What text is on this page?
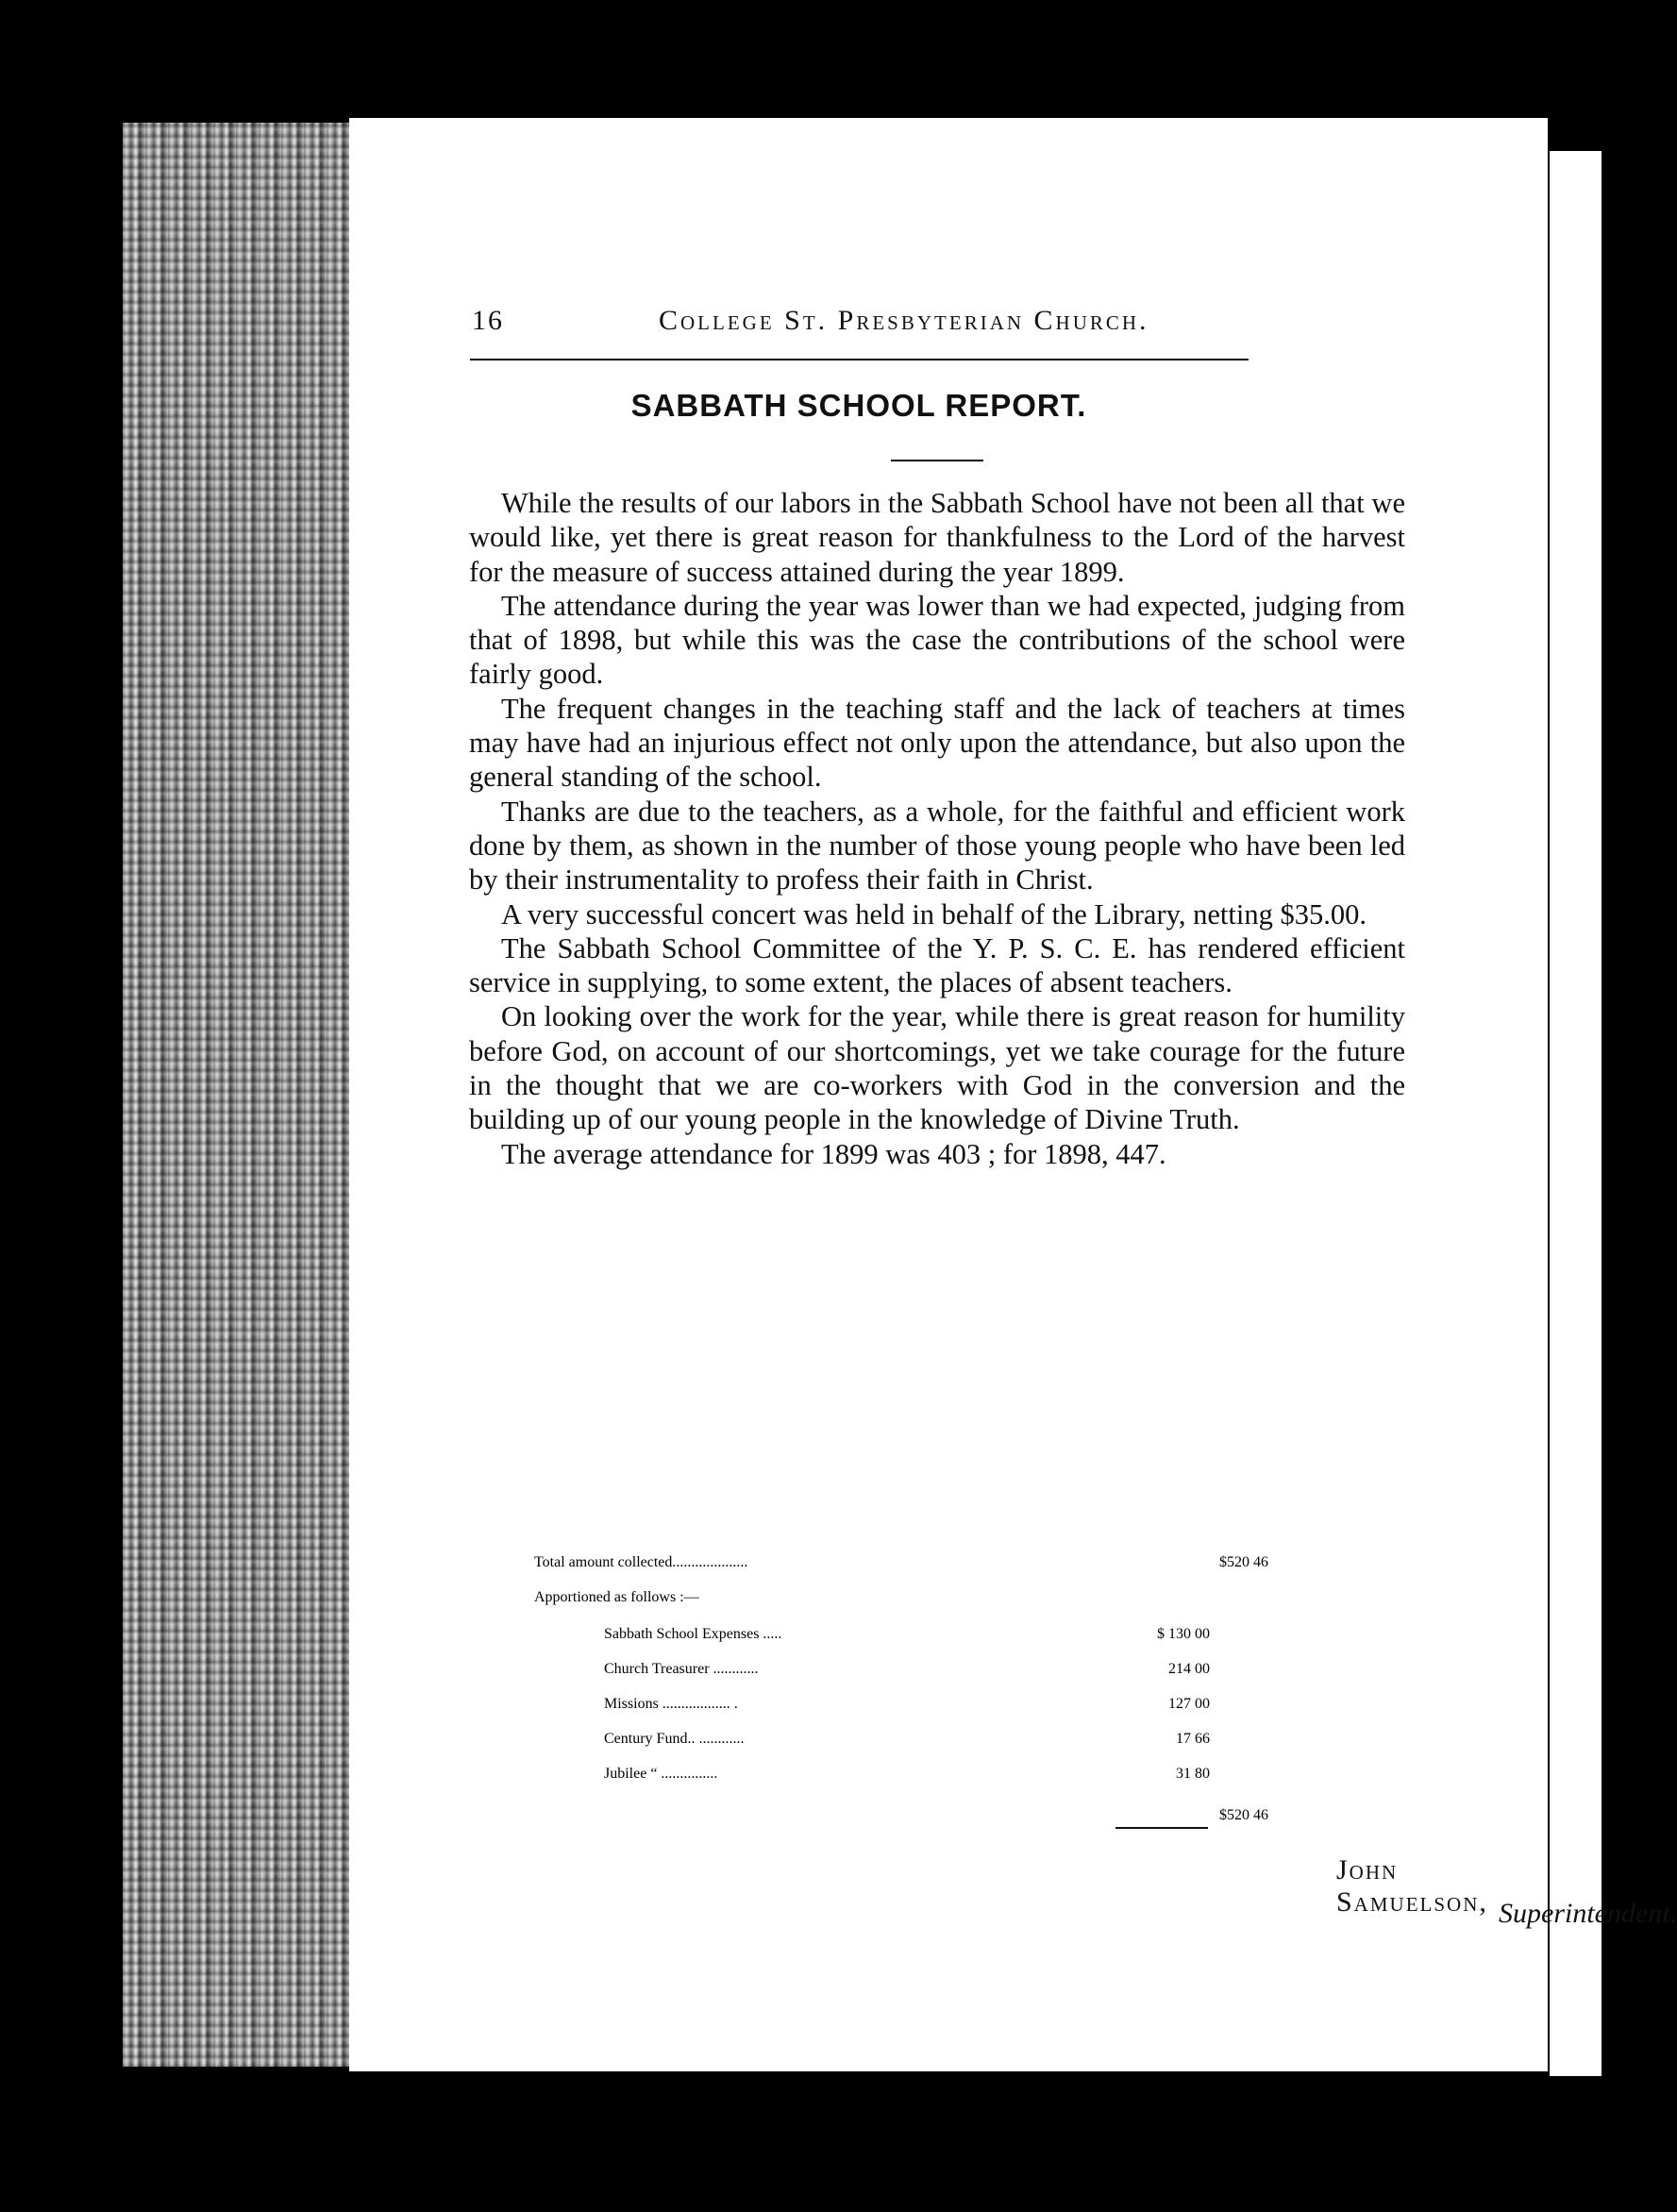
16	College St. Presbyterian Church.
SABBATH SCHOOL REPORT.

While the results of our labors in the Sabbath School have not been all that we would like, yet there is great reason for thankfulness to the Lord of the harvest for the measure of success attained during the year 1899.

The attendance during the year was lower than we had expected, judging from that of 1898, but while this was the case the contributions of the school were fairly good.

The frequent changes in the teaching staff and the lack of teachers at times may have had an injurious effect not only upon the attendance, but also upon the general standing of the school.

Thanks are due to the teachers, as a whole, for the faithful and efficient work done by them, as shown in the number of those young people who have been led by their instrumentality to profess their faith in Christ.

A very successful concert was held in behalf of the Library, netting $35.00.

The Sabbath School Committee of the Y. P. S. C. E. has rendered efficient service in supplying, to some extent, the places of absent teachers.

On looking over the work for the year, while there is great reason for humility before God, on account of our shortcomings, yet we take courage for the future in the thought that we are co-workers with God in the conversion and the building up of our young people in the knowledge of Divine Truth.

The average attendance for 1899 was 403 ; for 1898, 447.

Total amount collected....................	$520 46
Apportioned as follows :—
Sabbath School Expenses .....	$ 130 00
Church Treasurer ............	214 00
Missions .................. .	127 00
Century Fund.. ............	17 66
Jubilee “ ...............	31 80
$520 46
John Samuelson, Superintendent.
